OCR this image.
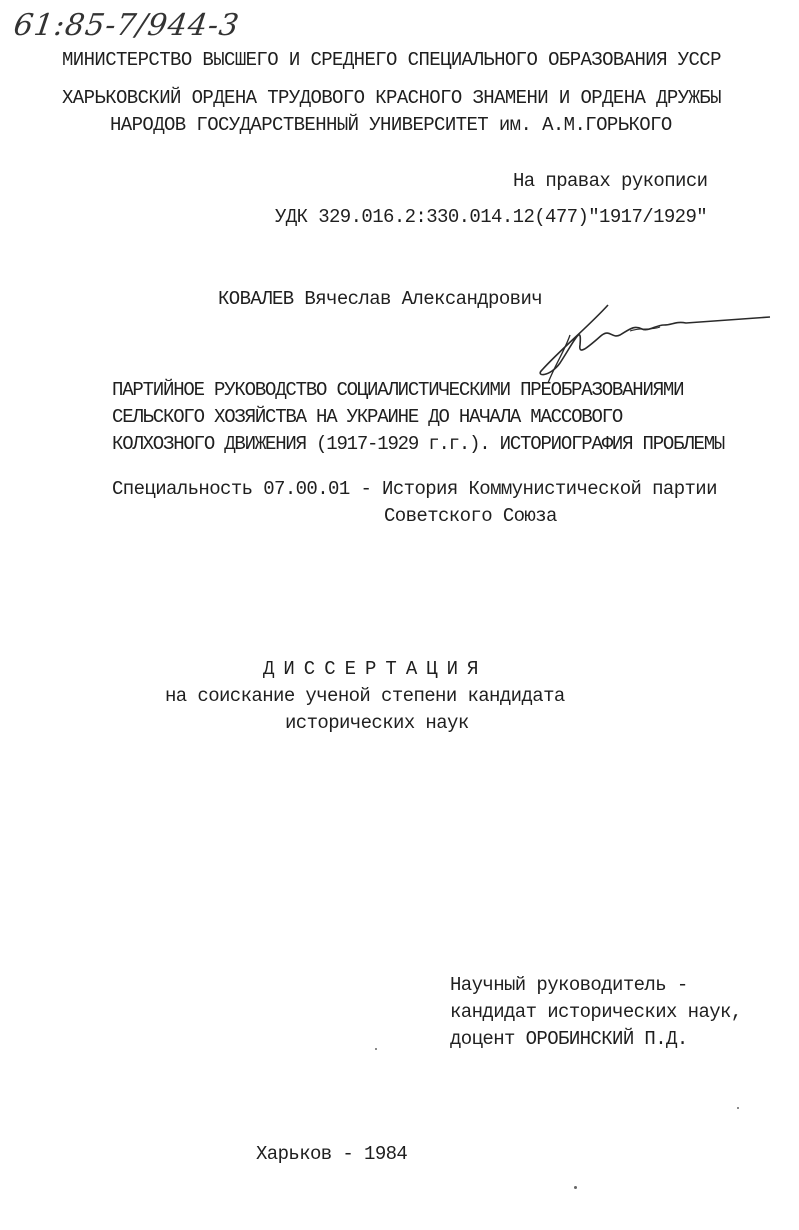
61:85-7/944-3
МИНИСТЕРСТВО ВЫСШЕГО И СРЕДНЕГО СПЕЦИАЛЬНОГО ОБРАЗОВАНИЯ УССР
ХАРЬКОВСКИЙ ОРДЕНА ТРУДОВОГО КРАСНОГО ЗНАМЕНИ И ОРДЕНА ДРУЖБЫ
НАРОДОВ ГОСУДАРСТВЕННЫЙ УНИВЕРСИТЕТ им. А.М.ГОРЬКОГО
На правах рукописи
УДК 329.016.2:330.014.12(477)"1917/1929"
КОВАЛЕВ Вячеслав Александрович
ПАРТИЙНОЕ РУКОВОДСТВО СОЦИАЛИСТИЧЕСКИМИ ПРЕОБРАЗОВАНИЯМИ
СЕЛЬСКОГО ХОЗЯЙСТВА НА УКРАИНЕ ДО НАЧАЛА МАССОВОГО
КОЛХОЗНОГО ДВИЖЕНИЯ (1917-1929 г.г.). ИСТОРИОГРАФИЯ ПРОБЛЕМЫ
Специальность 07.00.01 - История Коммунистической партии
Советского Союза
ДИССЕРТАЦИЯ
на соискание ученой степени кандидата
исторических наук
Научный руководитель -
кандидат исторических наук,
доцент ОРОБИНСКИЙ П.Д.
Харьков - 1984
